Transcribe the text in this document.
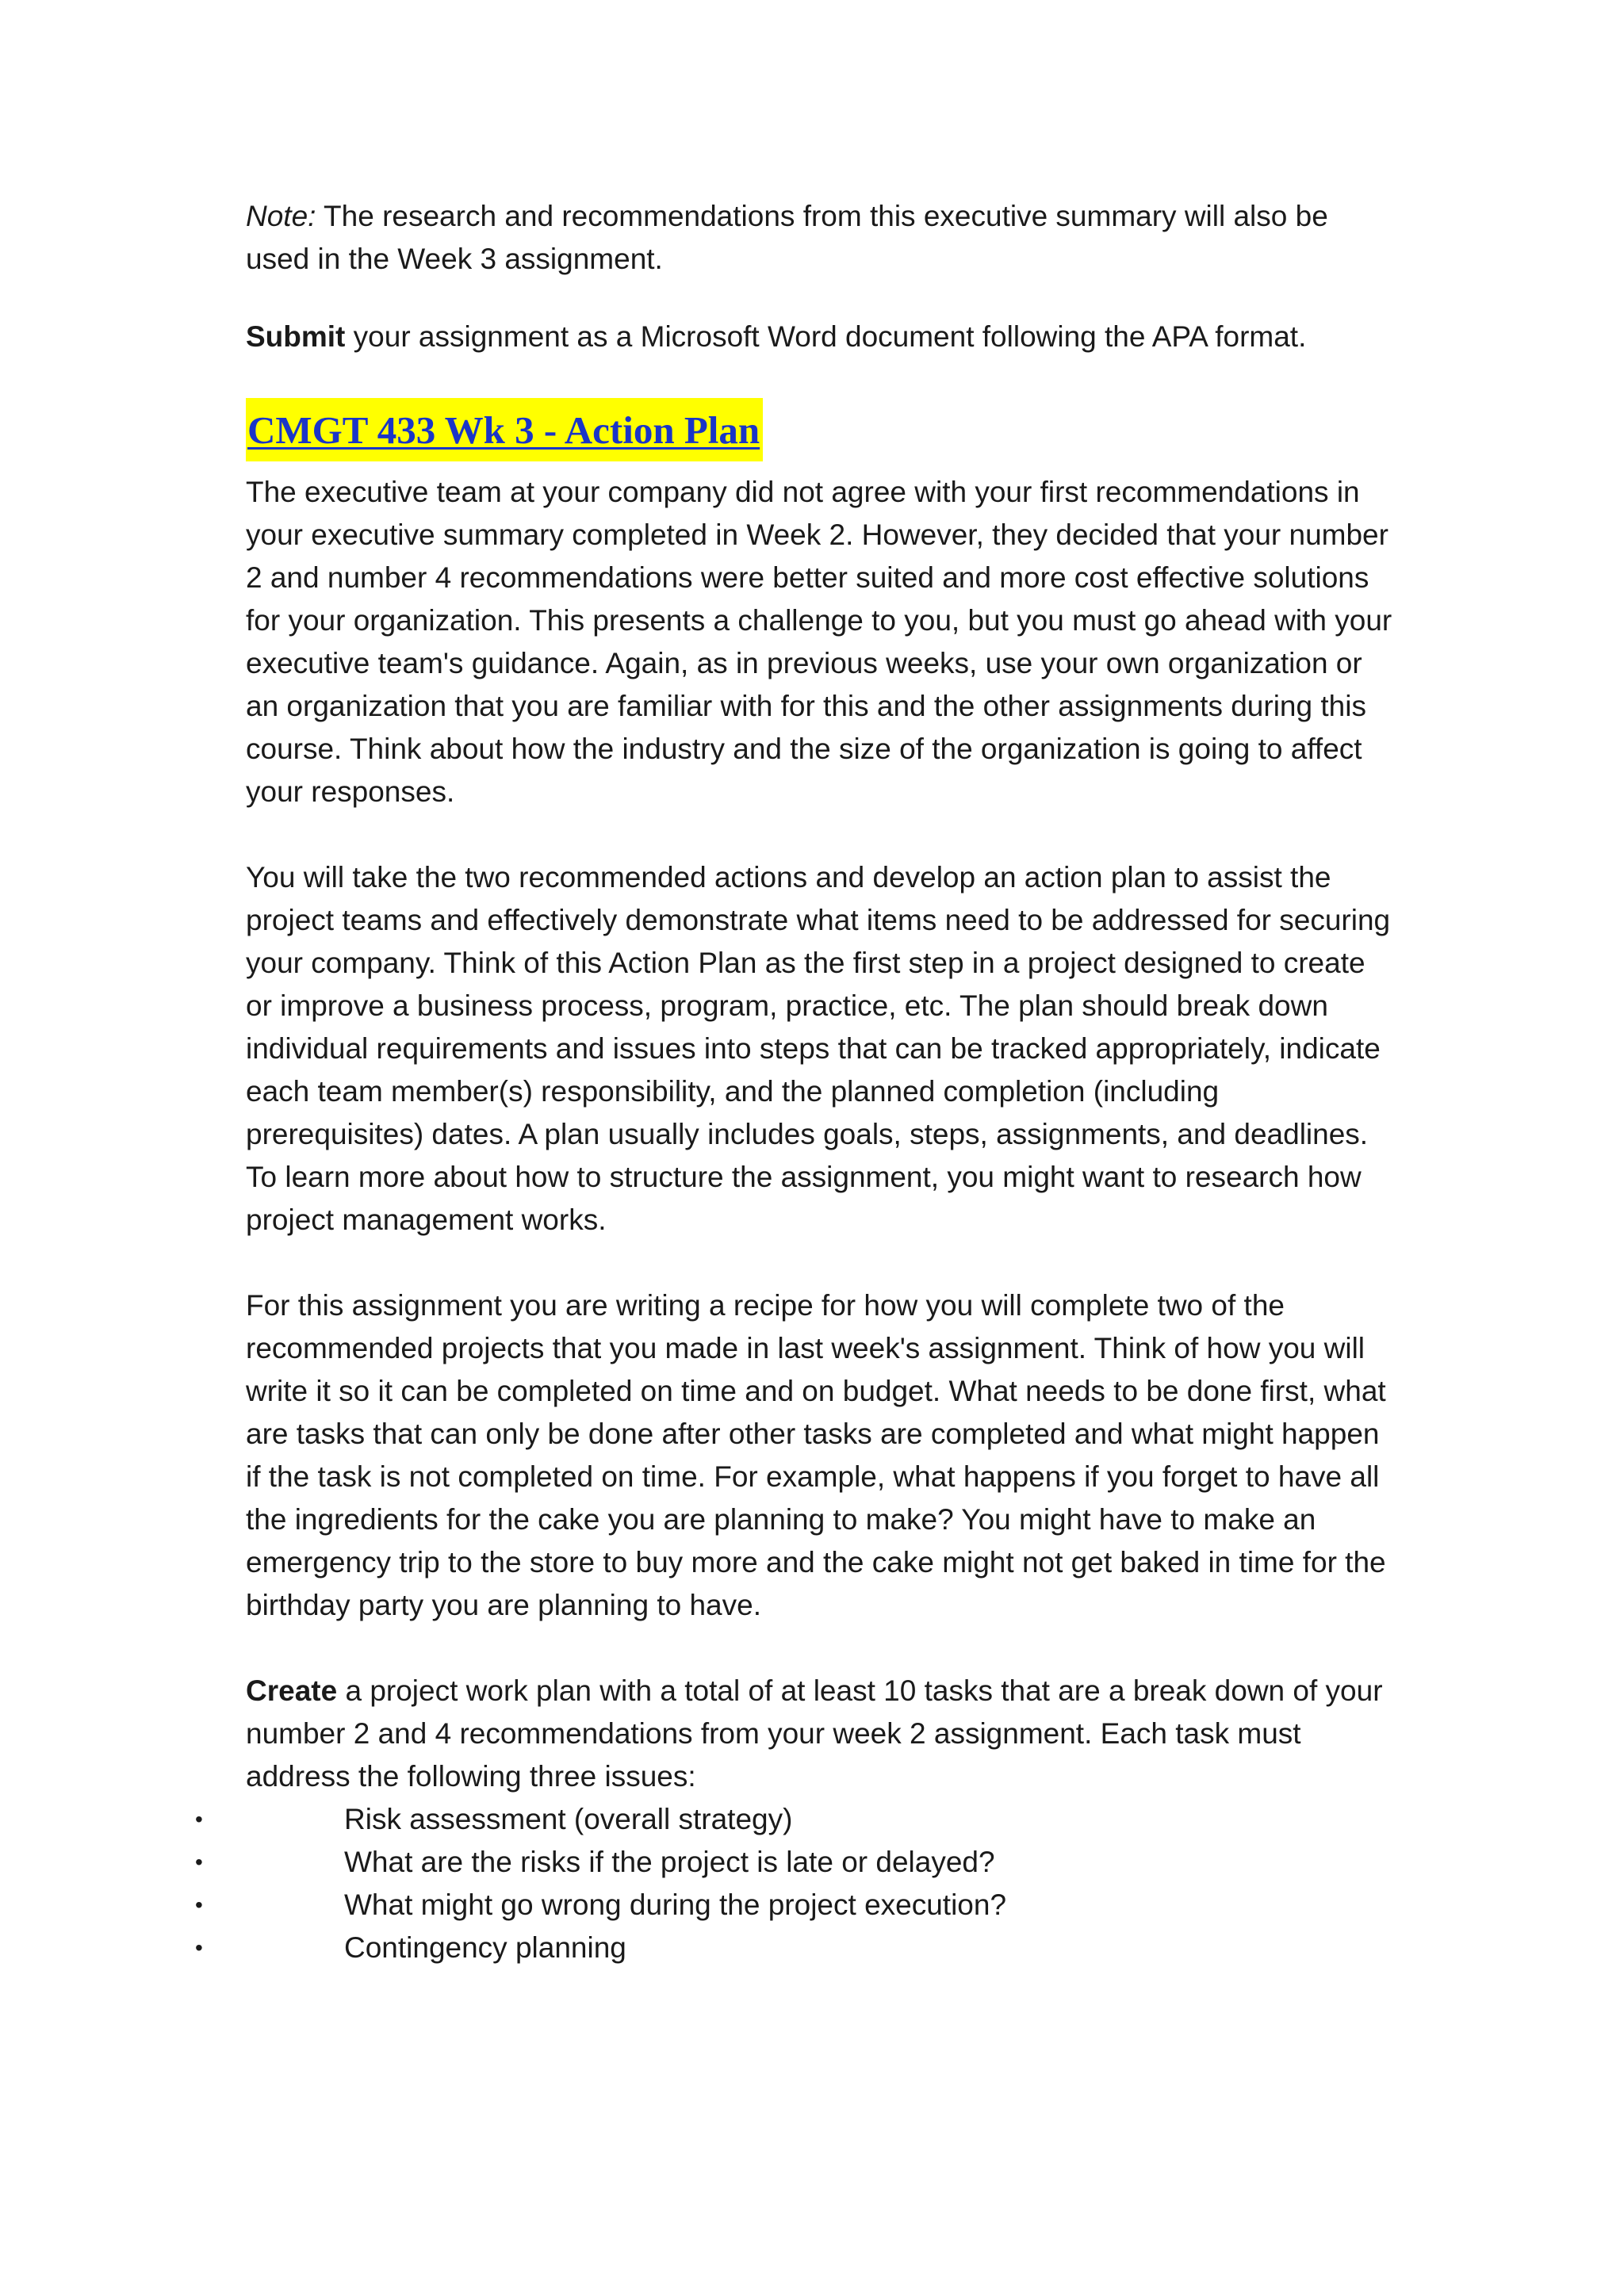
Note: The research and recommendations from this executive summary will also be used in the Week 3 assignment.

Submit your assignment as a Microsoft Word document following the APA format.

CMGT 433 Wk 3 - Action Plan

The executive team at your company did not agree with your first recommendations in your executive summary completed in Week 2. However, they decided that your number 2 and number 4 recommendations were better suited and more cost effective solutions for your organization. This presents a challenge to you, but you must go ahead with your executive team's guidance. Again, as in previous weeks, use your own organization or an organization that you are familiar with for this and the other assignments during this course. Think about how the industry and the size of the organization is going to affect your responses.

You will take the two recommended actions and develop an action plan to assist the project teams and effectively demonstrate what items need to be addressed for securing your company. Think of this Action Plan as the first step in a project designed to create or improve a business process, program, practice, etc. The plan should break down individual requirements and issues into steps that can be tracked appropriately, indicate each team member(s) responsibility, and the planned completion (including prerequisites) dates. A plan usually includes goals, steps, assignments, and deadlines. To learn more about how to structure the assignment, you might want to research how project management works.

For this assignment you are writing a recipe for how you will complete two of the recommended projects that you made in last week's assignment. Think of how you will write it so it can be completed on time and on budget. What needs to be done first, what are tasks that can only be done after other tasks are completed and what might happen if the task is not completed on time. For example, what happens if you forget to have all the ingredients for the cake you are planning to make? You might have to make an emergency trip to the store to buy more and the cake might not get baked in time for the birthday party you are planning to have.

Create a project work plan with a total of at least 10 tasks that are a break down of your number 2 and 4 recommendations from your week 2 assignment. Each task must address the following three issues:

•	Risk assessment (overall strategy)
•	What are the risks if the project is late or delayed?
•	What might go wrong during the project execution?
•	Contingency planning
